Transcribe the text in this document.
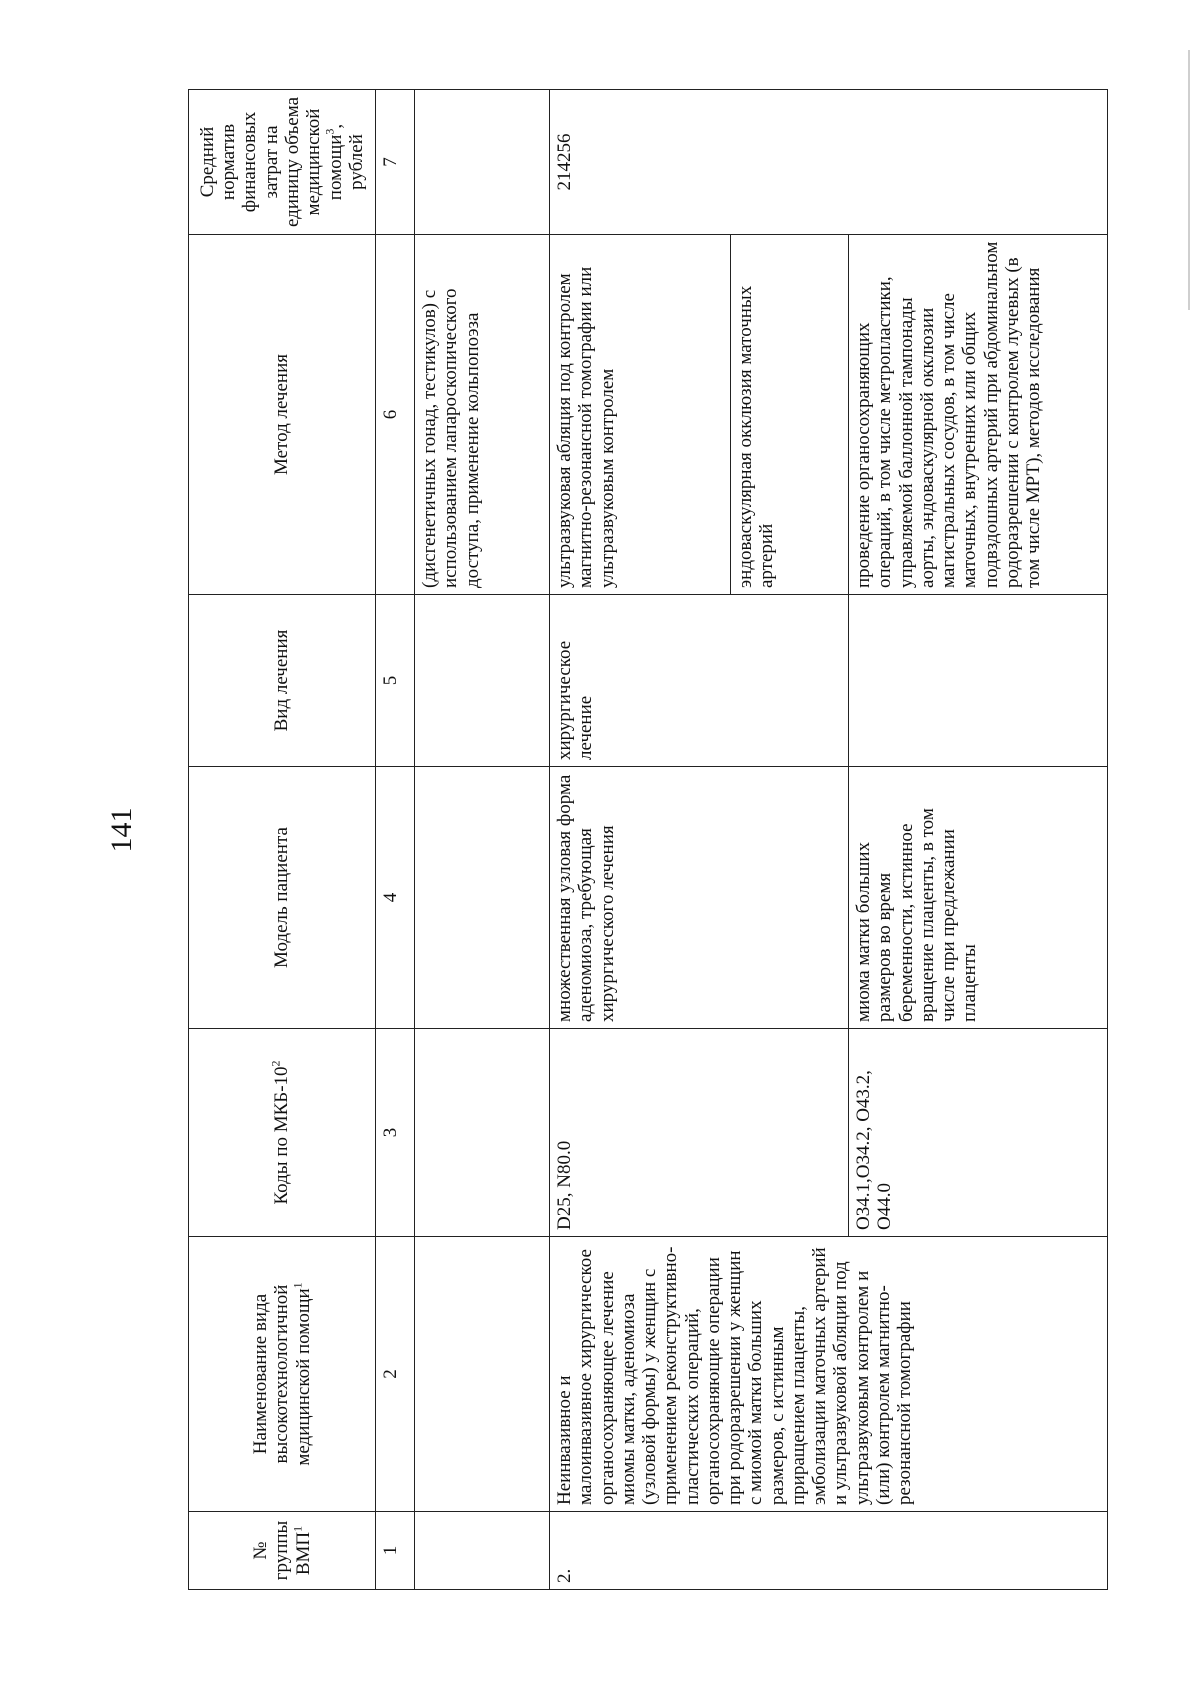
141
№ группы ВМП$^1$	Наименование вида высокотехнологичной медицинской помощи$^1$	Коды по МКБ-$10^2$	Модель пациента	Вид лечения	Метод лечения	Средний норматив финансовых затрат на единицу объема медицинской помощи$^3$, рублей
1	2	3	4	5	6	7
					(дисгенетичных гонад, тестикулов) с использованием лапароскопического доступа, применение кольпопоэза	
2.	Неинвазивное и малоинвазивное хирургическое органосохраняющее лечение миомы матки, аденомиоза (узловой формы) у женщин с применением реконструктивно-пластических операций, органосохраняющие операции при родоразрешении у женщин с миомой матки больших размеров, с истинным приращением плаценты, эмболизации маточных артерий и ультразвуковой абляции под ультразвуковым контролем и (или) контролем магнитно-резонансной томографии	D25, N80.0	множественная узловая форма аденомиоза, требующая хирургического лечения	хирургическое лечение	ультразвуковая абляция под контролем магнитно-резонансной томографии или ультразвуковым контролем	214256
					эндоваскулярная окклюзия маточных артерий	
		O34.1,O34.2, O43.2, O44.0	миома матки больших размеров во время беременности, истинное вращение плаценты, в том числе при предлежании плаценты		проведение органосохраняющих операций, в том числе метропластики, управляемой баллонной тампонады аорты, эндоваскулярной окклюзии магистральных сосудов, в том числе маточных, внутренних или общих подвздошных артерий при абдоминальном родоразрешении с контролем лучевых (в том числе МРТ), методов исследования	
